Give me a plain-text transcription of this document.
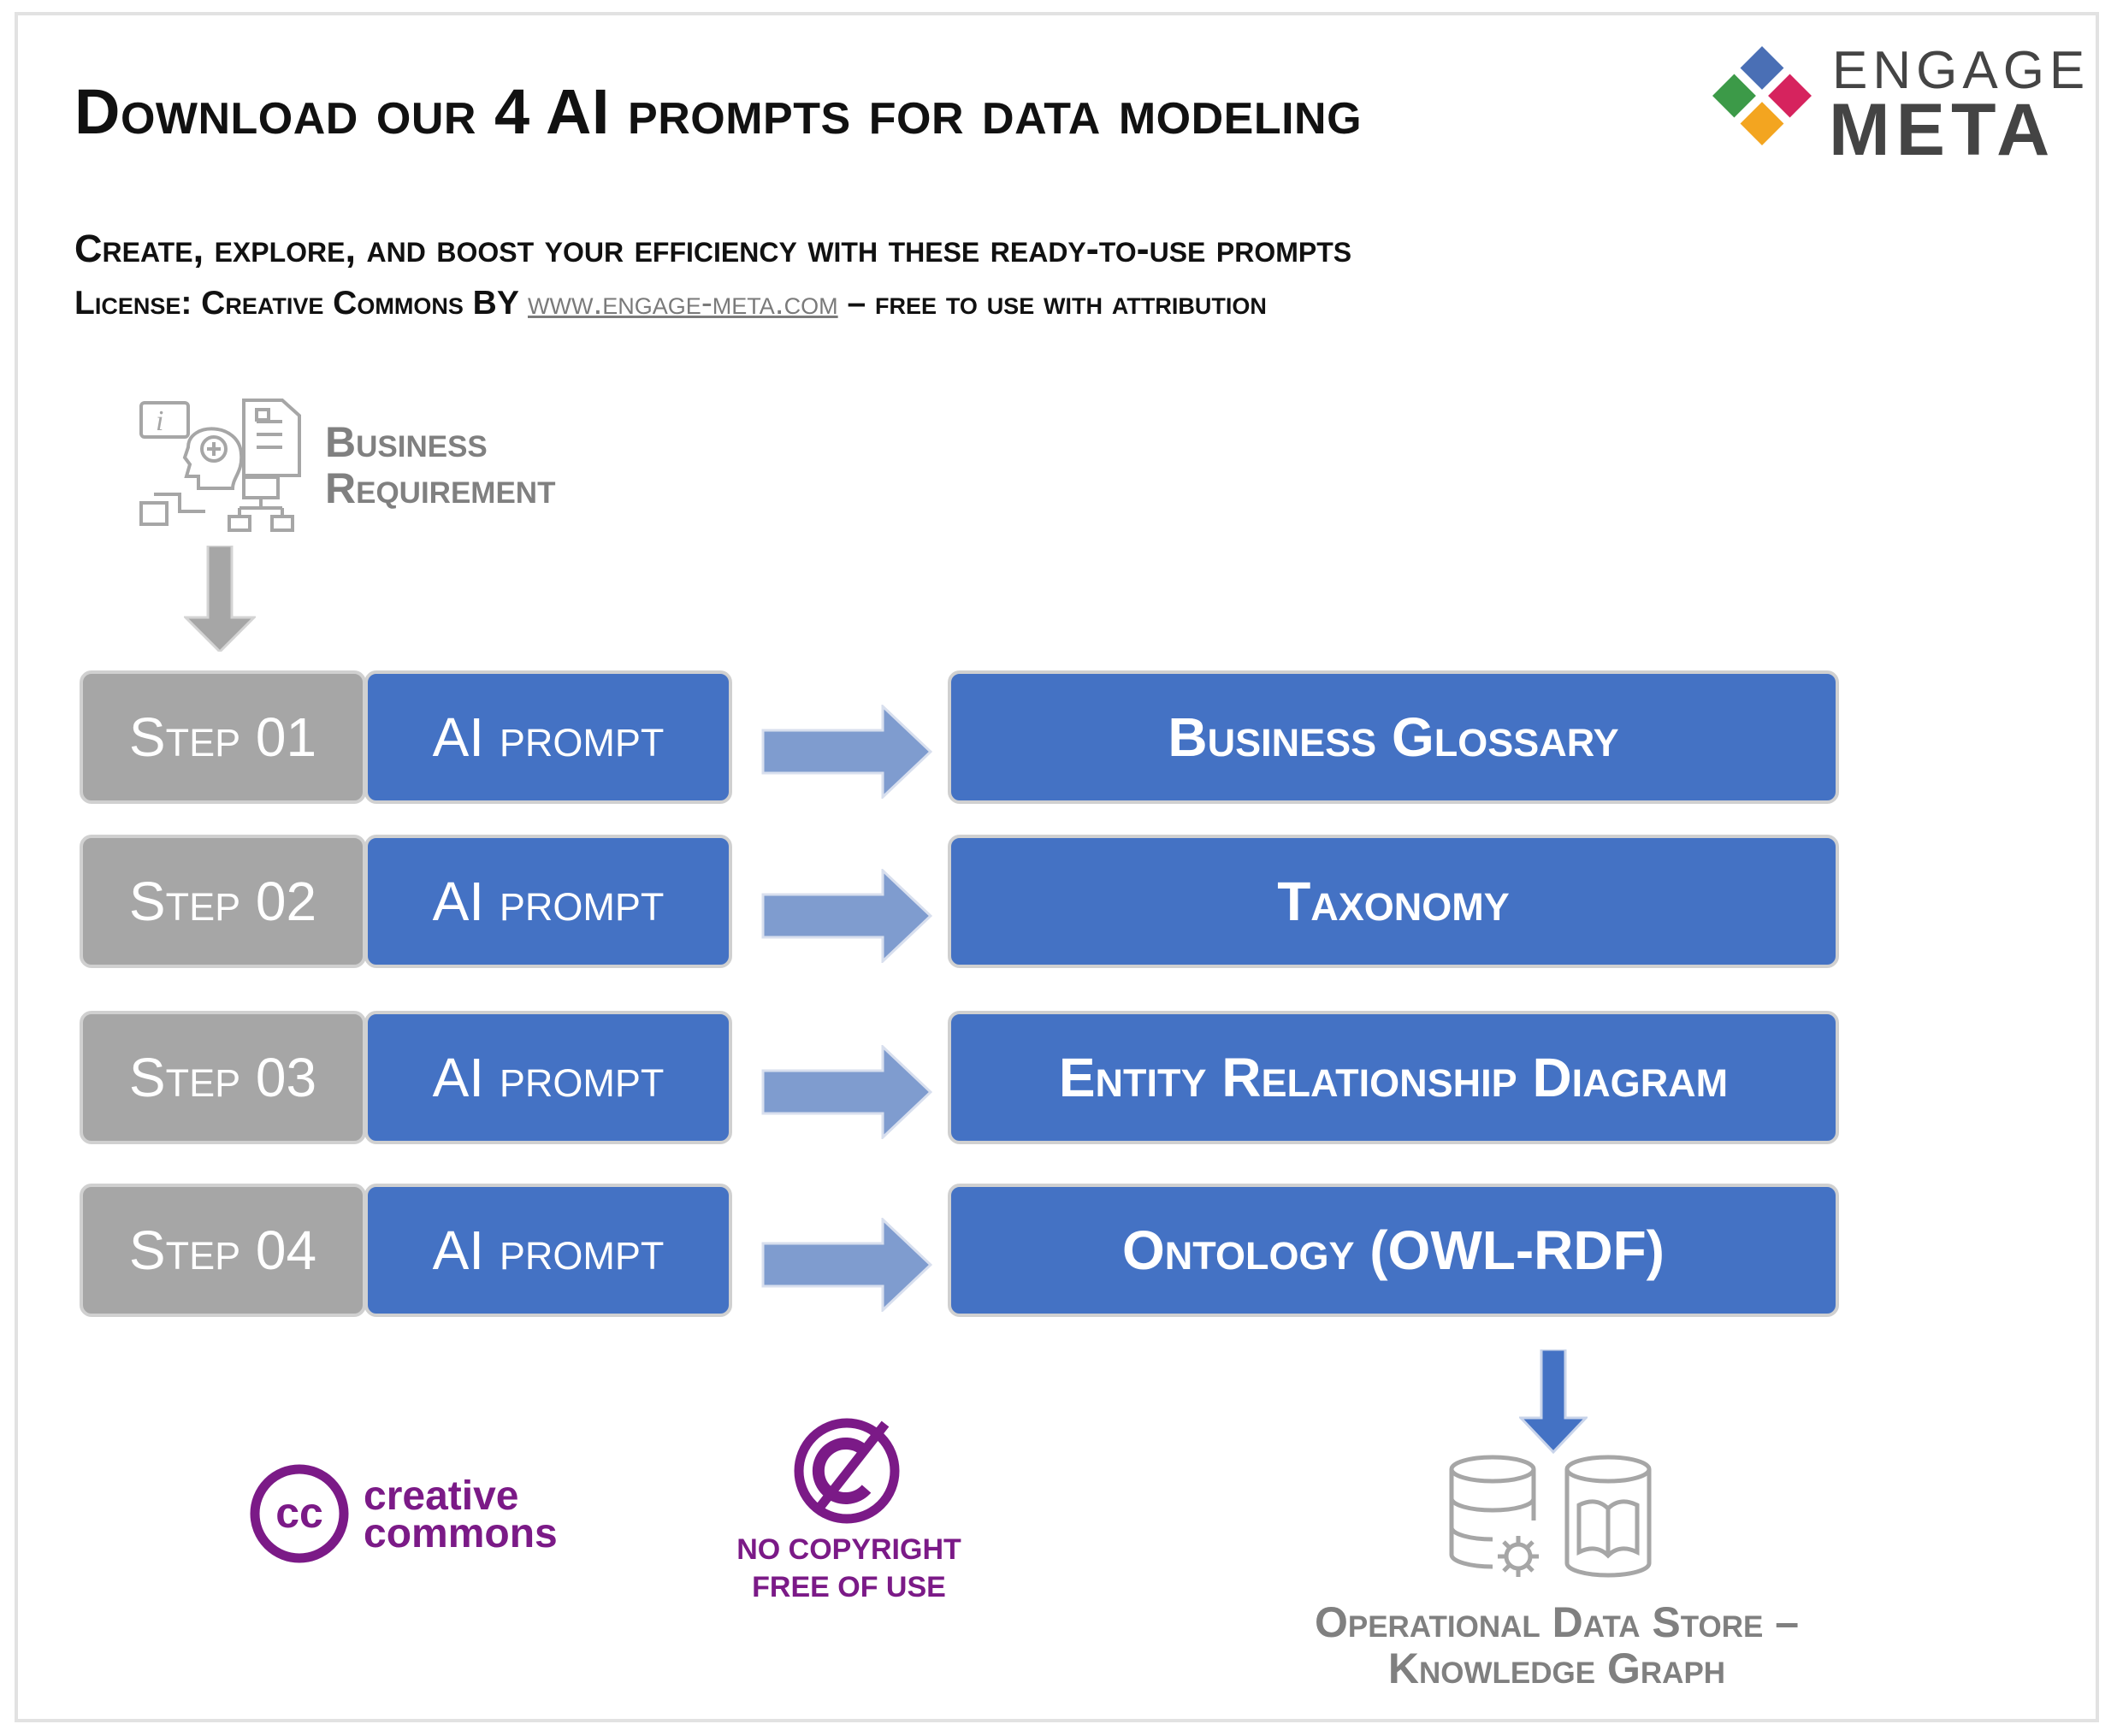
Download our 4 AI prompts for data modeling
ENGAGE
META
Create, explore, and boost your efficiency with these ready-to-use prompts
License: Creative Commons BY www.engage-meta.com – free to use with attribution
i	Business
Requirement
Step 01	AI prompt	Business Glossary
Step 02	AI prompt	Taxonomy
Step 03	AI prompt	Entity Relationship Diagram
Step 04	AI prompt	Ontology (OWL-RDF)
Operational Data Store –
Knowledge Graph
cc creative
commons	NO COPYRIGHT
FREE OF USE
